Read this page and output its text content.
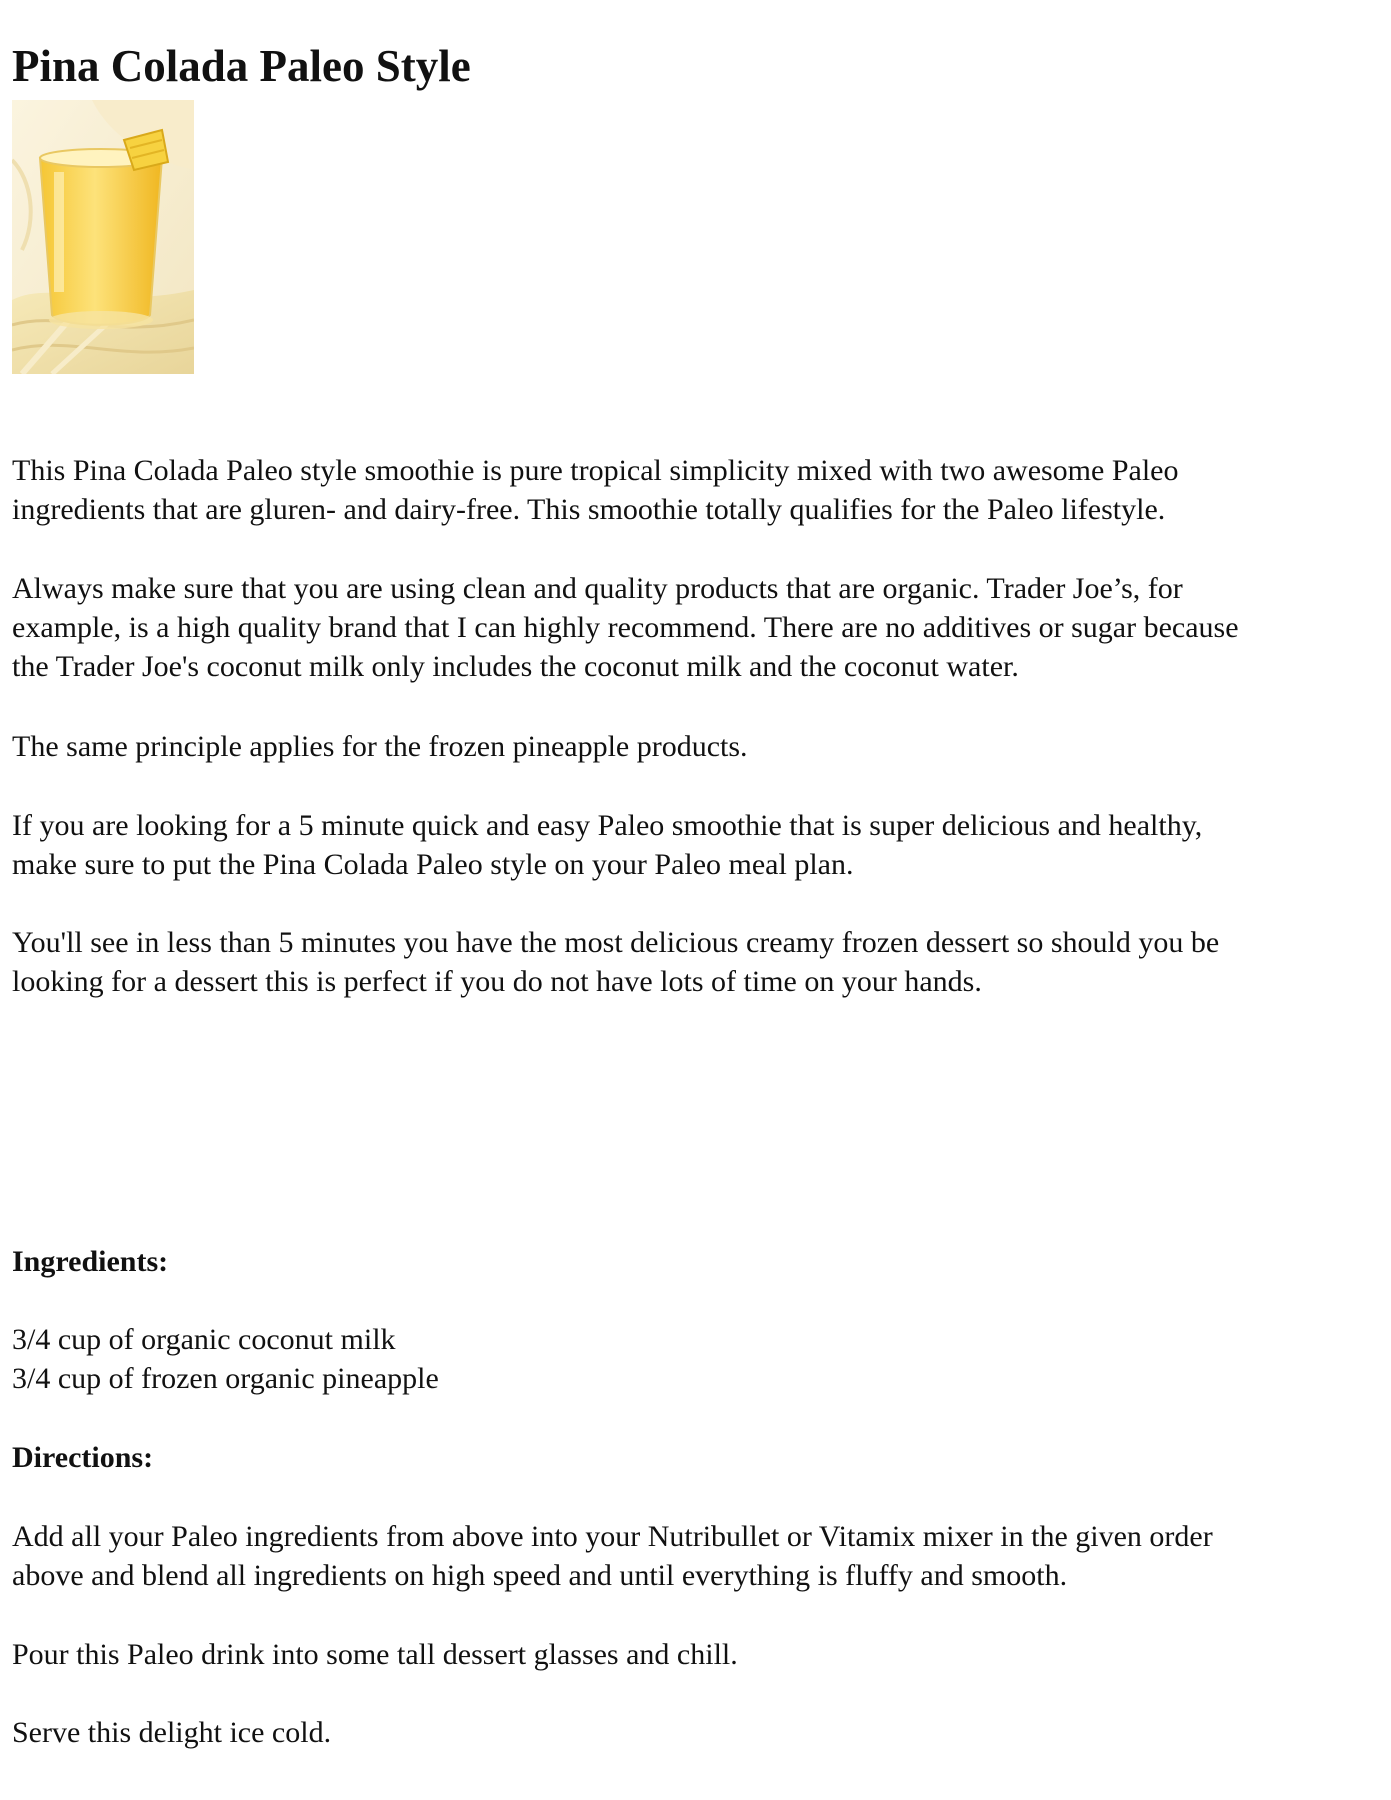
Pina Colada Paleo Style

This Pina Colada Paleo style smoothie is pure tropical simplicity mixed with two awesome Paleo
ingredients that are gluren- and dairy-free. This smoothie totally qualifies for the Paleo lifestyle.

Always make sure that you are using clean and quality products that are organic. Trader Joe’s, for
example, is a high quality brand that I can highly recommend. There are no additives or sugar because
the Trader Joe's coconut milk only includes the coconut milk and the coconut water.

The same principle applies for the frozen pineapple products.

If you are looking for a 5 minute quick and easy Paleo smoothie that is super delicious and healthy,
make sure to put the Pina Colada Paleo style on your Paleo meal plan.

You'll see in less than 5 minutes you have the most delicious creamy frozen dessert so should you be
looking for a dessert this is perfect if you do not have lots of time on your hands.

Ingredients:

3/4 cup of organic coconut milk
3/4 cup of frozen organic pineapple

Directions:

Add all your Paleo ingredients from above into your Nutribullet or Vitamix mixer in the given order
above and blend all ingredients on high speed and until everything is fluffy and smooth.

Pour this Paleo drink into some tall dessert glasses and chill.

Serve this delight ice cold.
